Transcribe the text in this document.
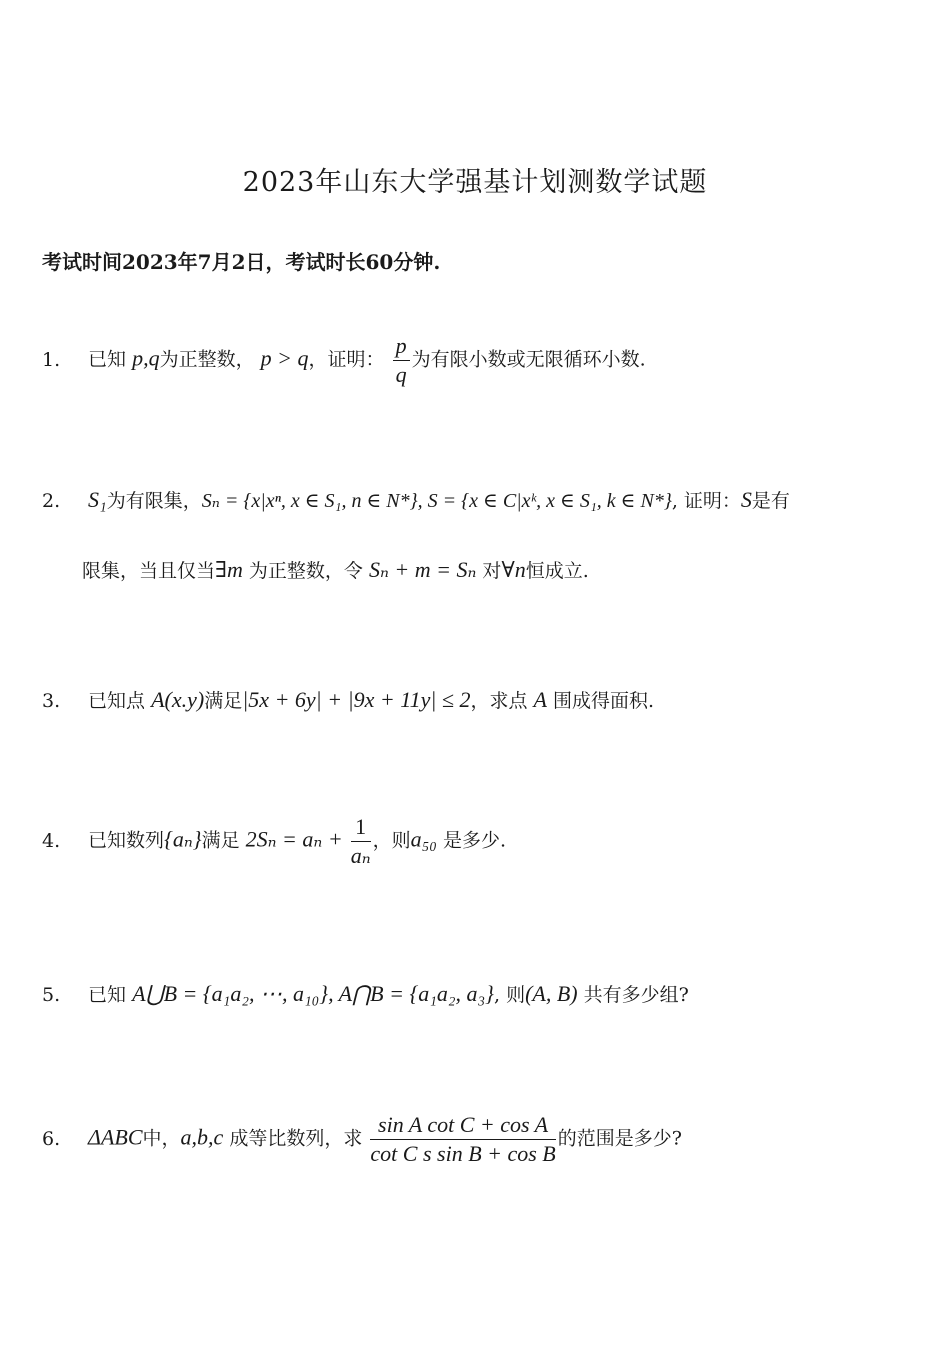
2023年山东大学强基计划测数学试题
考试时间2023年7月2日，考试时长60分钟.
1. 已知 p,q为正整数， p > q，证明： $\frac{p}{q}$ 为有限小数或无限循环小数.
2. S₁为有限集，Sₙ = {x|xⁿ, x ∈ S₁, n ∈ N*}, S = {x ∈ C|xᵏ, x ∈ S₁, k ∈ N*}, 证明：S是有
限集，当且仅当∃m 为正整数，令 Sₙ + m = Sₙ 对∀n恒成立.
3. 已知点 A(x.y)满足|5x + 6y| + |9x + 11y| ≤ 2，求点 A 围成得面积.
4. 已知数列{aₙ}满足 $2S_n = a_n + \frac{1}{\text{aₙ}}$ ，则a₅₀ 是多少.
5. 已知 A⋃B = {a₁a₂, ⋯, a₁₀}, A⋂B = {a₁a₂, a₃}, 则(A, B) 共有多少组?
6. ΔABC中，a,b,c 成等比数列，求 $\frac{\text{sin A cot C + cos A}}{\text{cot C s sin B + cos B}}$ 的范围是多少?
